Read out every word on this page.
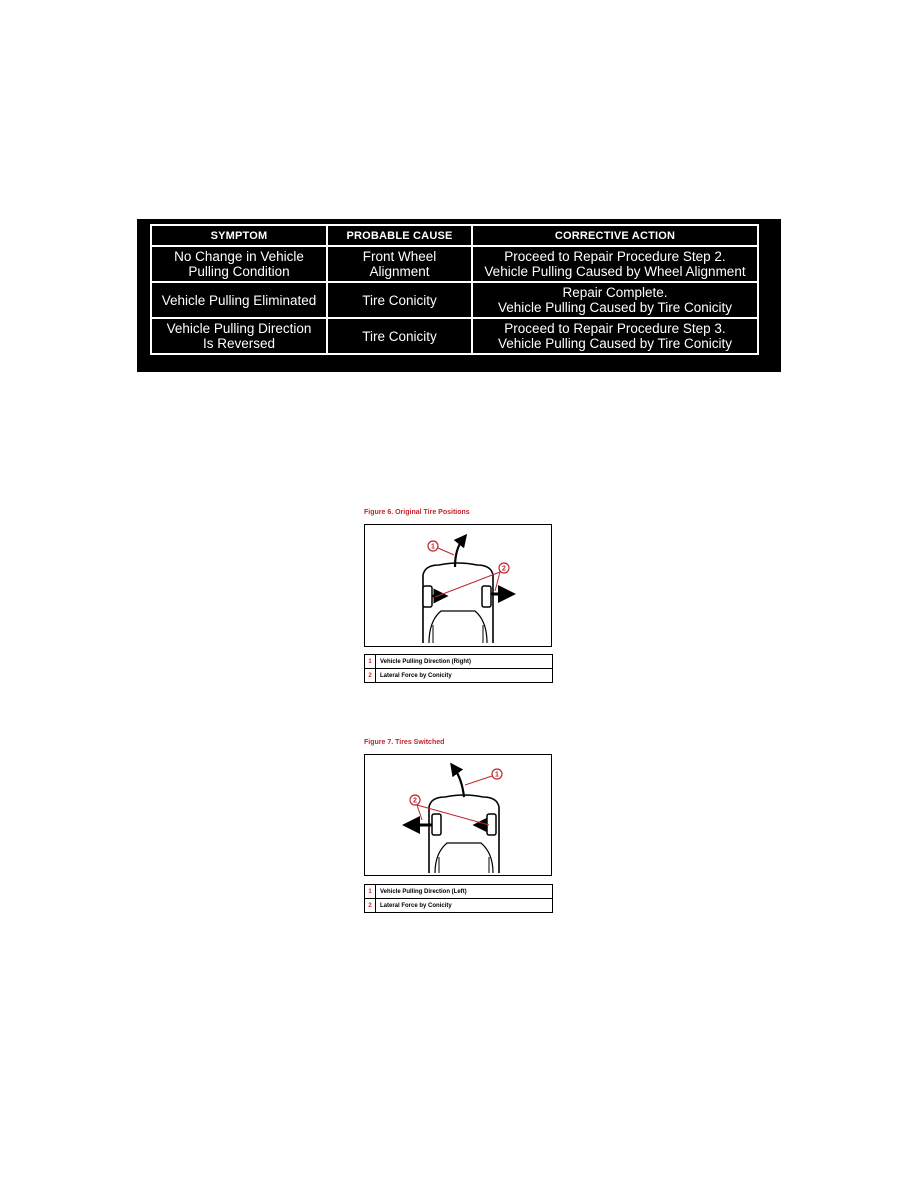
SYMPTOM	PROBABLE CAUSE	CORRECTIVE ACTION

No Change in Vehicle
Pulling Condition	Front Wheel Alignment	Proceed to Repair Procedure Step 2.
Vehicle Pulling Caused by Wheel Alignment

Vehicle Pulling Eliminated	Tire Conicity	Repair Complete.
Vehicle Pulling Caused by Tire Conicity

Vehicle Pulling Direction
Is Reversed	Tire Conicity	Proceed to Repair Procedure Step 3.
Vehicle Pulling Caused by Tire Conicity
Figure 6. Original Tire Positions
1
2
1	Vehicle Pulling Direction (Right)
2	Lateral Force by Conicity
Figure 7. Tires Switched
1
2
1	Vehicle Pulling Direction (Left)
2	Lateral Force by Conicity
